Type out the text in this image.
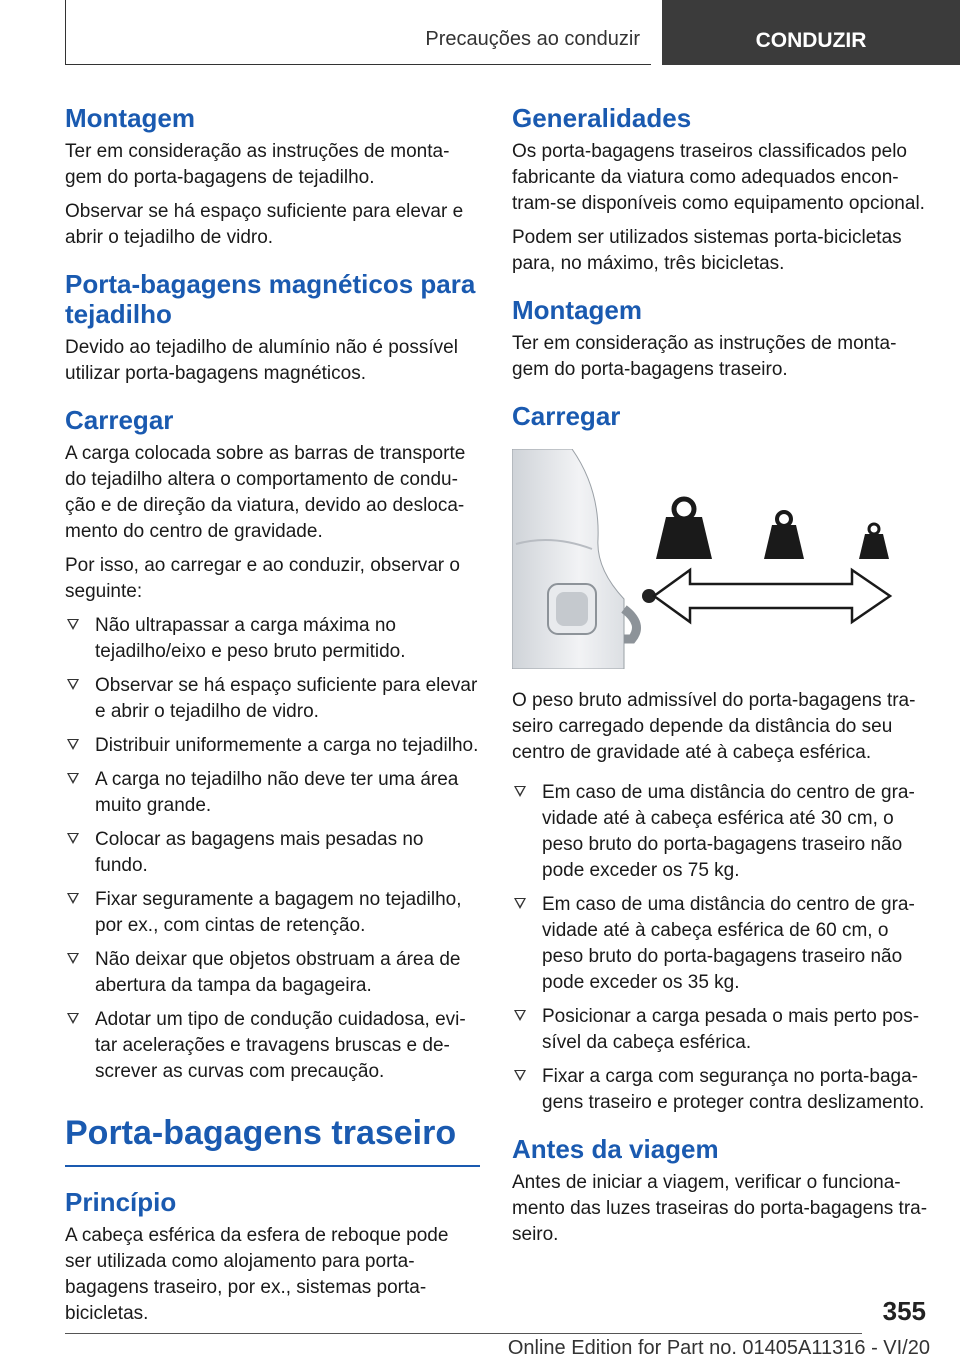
Precauções ao conduzir	CONDUZIR
Montagem

Ter em consideração as instruções de monta-gem do porta-bagagens de tejadilho.

Observar se há espaço suficiente para elevar e abrir o tejadilho de vidro.

Porta-bagagens magnéticos para tejadilho

Devido ao tejadilho de alumínio não é possível utilizar porta-bagagens magnéticos.

Carregar

A carga colocada sobre as barras de transporte do tejadilho altera o comportamento de condu-ção e de direção da viatura, devido ao desloca-mento do centro de gravidade.

Por isso, ao carregar e ao conduzir, observar o seguinte:

Não ultrapassar a carga máxima no tejadilho/eixo e peso bruto permitido.
Observar se há espaço suficiente para elevar e abrir o tejadilho de vidro.
Distribuir uniformemente a carga no tejadilho.
A carga no tejadilho não deve ter uma área muito grande.
Colocar as bagagens mais pesadas no fundo.
Fixar seguramente a bagagem no tejadilho, por ex., com cintas de retenção.
Não deixar que objetos obstruam a área de abertura da tampa da bagageira.
Adotar um tipo de condução cuidadosa, evi-tar acelerações e travagens bruscas e de-screver as curvas com precaução.
Porta-bagagens traseiro
Princípio

A cabeça esférica da esfera de reboque pode ser utilizada como alojamento para porta-bagagens traseiro, por ex., sistemas porta-bicicletas.

Generalidades

Os porta-bagagens traseiros classificados pelo fabricante da viatura como adequados encon-tram-se disponíveis como equipamento opcional.

Podem ser utilizados sistemas porta-bicicletas para, no máximo, três bicicletas.

Montagem

Ter em consideração as instruções de monta-gem do porta-bagagens traseiro.

Carregar

O peso bruto admissível do porta-bagagens tra-seiro carregado depende da distância do seu centro de gravidade até à cabeça esférica.

Em caso de uma distância do centro de gra-vidade até à cabeça esférica até 30 cm, o peso bruto do porta-bagagens traseiro não pode exceder os 75 kg.
Em caso de uma distância do centro de gra-vidade até à cabeça esférica de 60 cm, o peso bruto do porta-bagagens traseiro não pode exceder os 35 kg.
Posicionar a carga pesada o mais perto pos-sível da cabeça esférica.
Fixar a carga com segurança no porta-baga-gens traseiro e proteger contra deslizamento.
Antes da viagem

Antes de iniciar a viagem, verificar o funciona-mento das luzes traseiras do porta-bagagens tra-seiro.

355
Online Edition for Part no. 01405A11316 - VI/20
